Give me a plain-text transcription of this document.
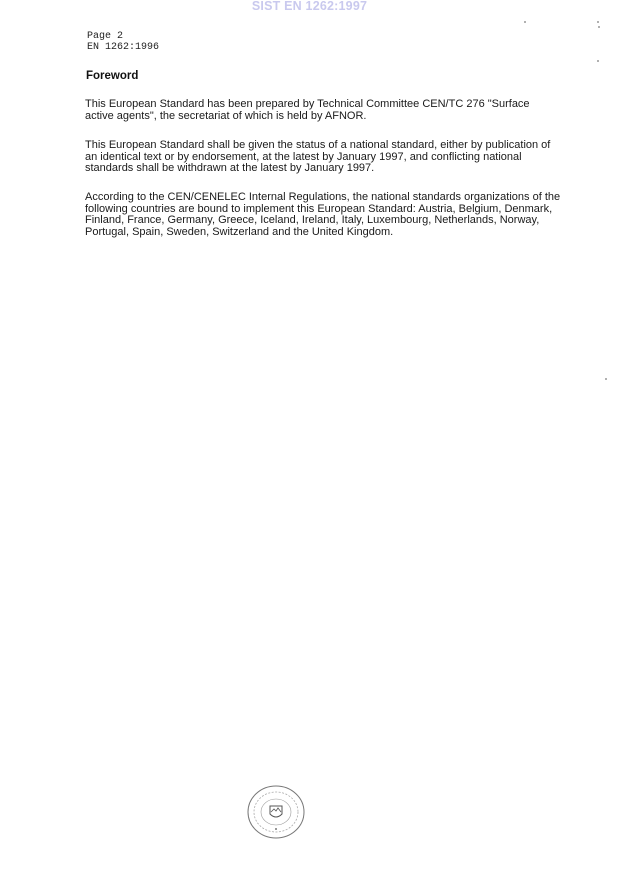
SIST EN 1262:1997
Page 2
EN 1262:1996
Foreword
This European Standard has been prepared by Technical Committee CEN/TC 276 "Surface
active agents", the secretariat of which is held by AFNOR.
This European Standard shall be given the status of a national standard, either by publication of
an identical text or by endorsement, at the latest by January 1997, and conflicting national
standards shall be withdrawn at the latest by January 1997.
According to the CEN/CENELEC Internal Regulations, the national standards organizations of the
following countries are bound to implement this European Standard: Austria, Belgium, Denmark,
Finland, France, Germany, Greece, Iceland, Ireland, Italy, Luxembourg, Netherlands, Norway,
Portugal, Spain, Sweden, Switzerland and the United Kingdom.
